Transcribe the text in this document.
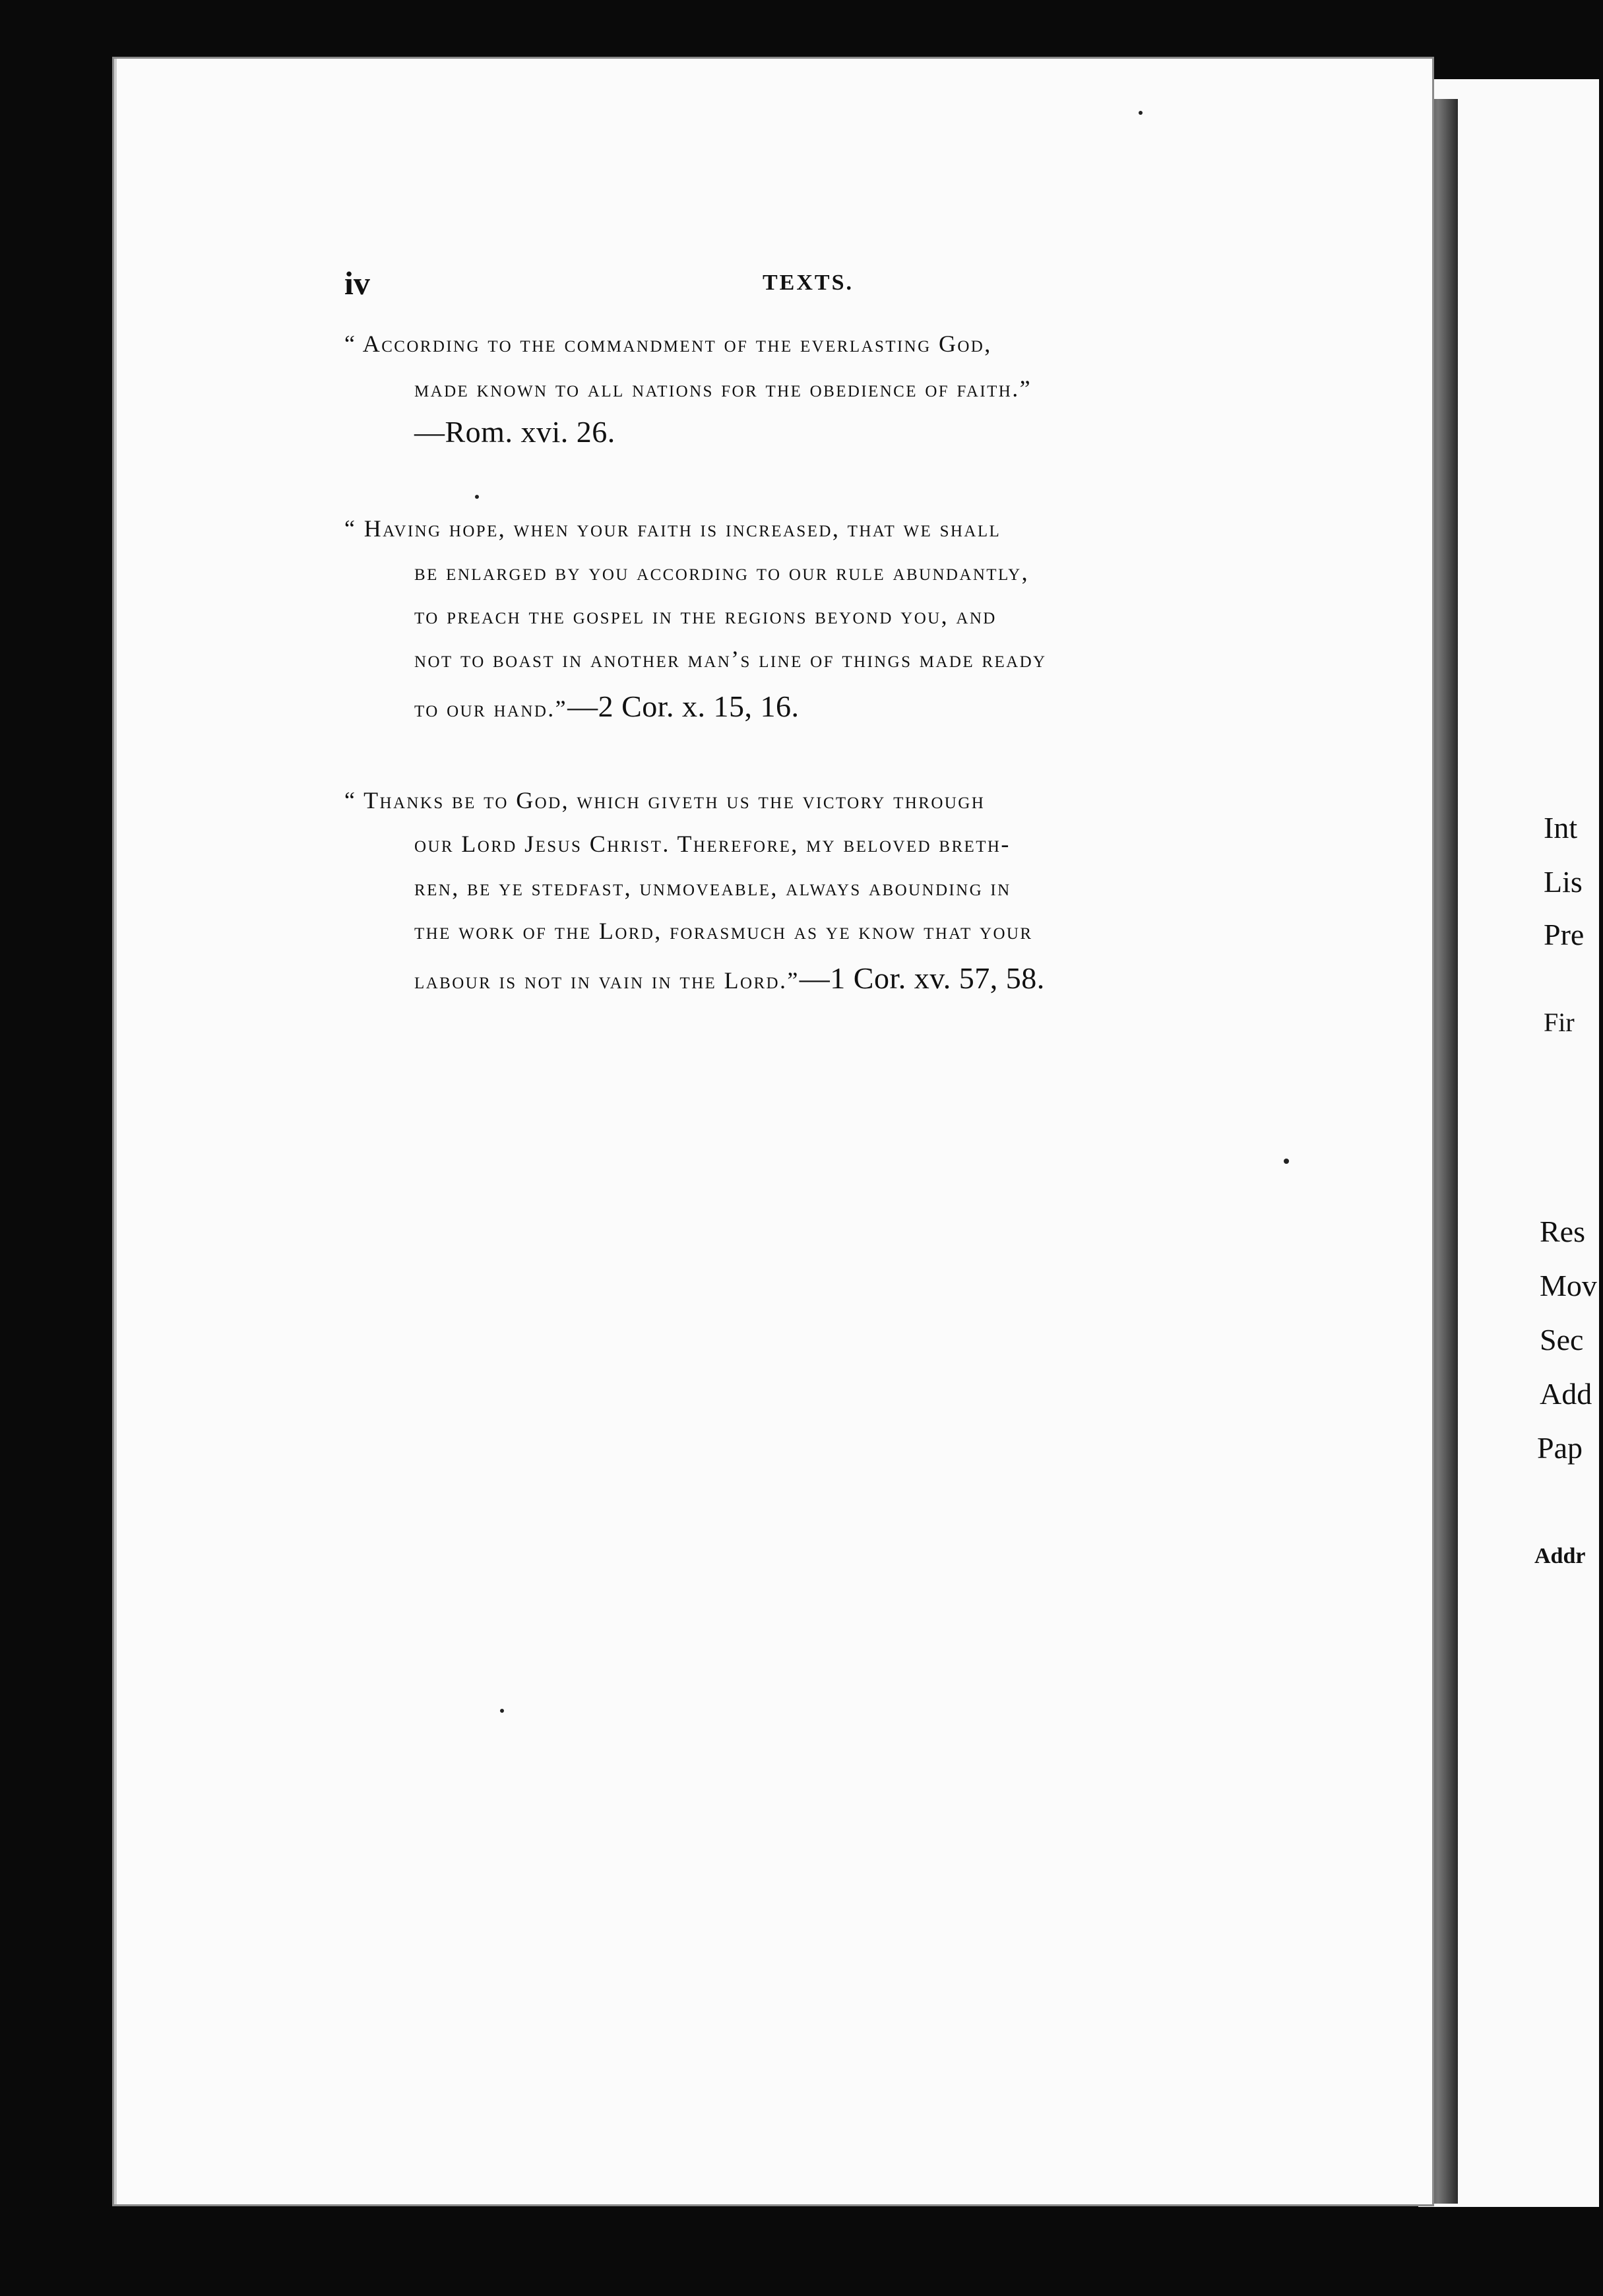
iv	TEXTS.
“ According to the commandment of the everlasting God,
made known to all nations for the obedience of faith.”
—Rom. xvi. 26.
“ Having hope, when your faith is increased, that we shall
be enlarged by you according to our rule abundantly,
to preach the gospel in the regions beyond you, and
not to boast in another man’s line of things made ready
to our hand.”—2 Cor. x. 15, 16.
“ Thanks be to God, which giveth us the victory through
our Lord Jesus Christ. Therefore, my beloved breth-
ren, be ye stedfast, unmoveable, always abounding in
the work of the Lord, forasmuch as ye know that your
labour is not in vain in the Lord.”—1 Cor. xv. 57, 58.
Int
Lis
Pre
Fir
Res
Mov
Sec
Add
Pap
Addr
